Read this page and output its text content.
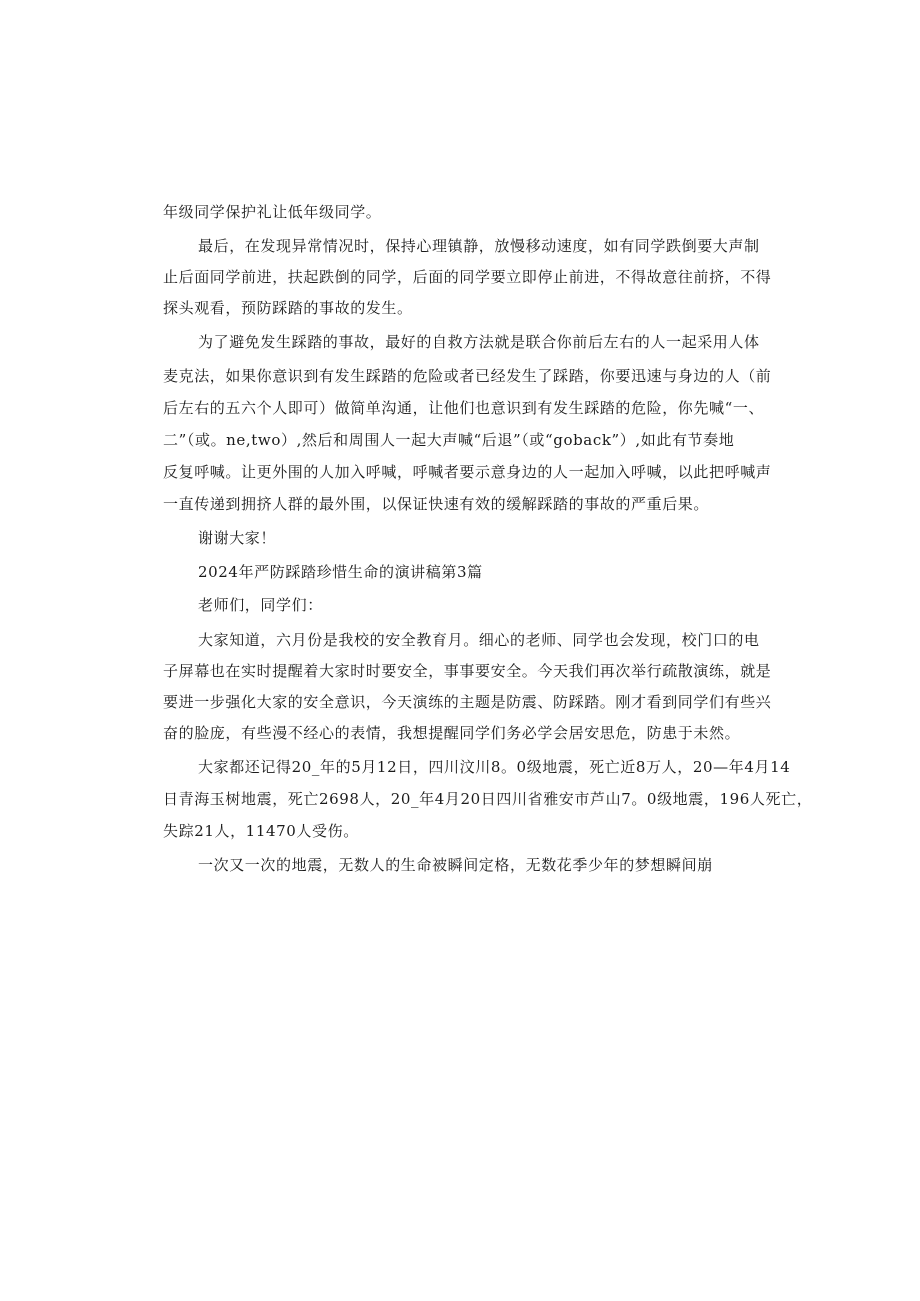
年级同学保护礼让低年级同学。
最后，在发现异常情况时，保持心理镇静，放慢移动速度，如有同学跌倒要大声制
止后面同学前进，扶起跌倒的同学，后面的同学要立即停止前进，不得故意往前挤，不得
探头观看，预防踩踏的事故的发生。
为了避免发生踩踏的事故，最好的自救方法就是联合你前后左右的人一起采用人体
麦克法，如果你意识到有发生踩踏的危险或者已经发生了踩踏，你要迅速与身边的人（前
后左右的五六个人即可）做简单沟通，让他们也意识到有发生踩踏的危险，你先喊“一、
二”（或。ne,two）,然后和周围人一起大声喊“后退”（或“goback”）,如此有节奏地
反复呼喊。让更外围的人加入呼喊，呼喊者要示意身边的人一起加入呼喊，以此把呼喊声
一直传递到拥挤人群的最外围，以保证快速有效的缓解踩踏的事故的严重后果。
谢谢大家！
2024年严防踩踏珍惜生命的演讲稿第3篇
老师们，同学们：
大家知道，六月份是我校的安全教育月。细心的老师、同学也会发现，校门口的电
子屏幕也在实时提醒着大家时时要安全，事事要安全。今天我们再次举行疏散演练，就是
要进一步强化大家的安全意识，今天演练的主题是防震、防踩踏。刚才看到同学们有些兴
奋的脸庞，有些漫不经心的表情，我想提醒同学们务必学会居安思危，防患于未然。
大家都还记得20_年的5月12日，四川汶川8。0级地震，死亡近8万人，20—年4月14
日青海玉树地震，死亡2698人，20_年4月20日四川省雅安市芦山7。0级地震，196人死亡，
失踪21人，11470人受伤。
一次又一次的地震，无数人的生命被瞬间定格，无数花季少年的梦想瞬间崩
